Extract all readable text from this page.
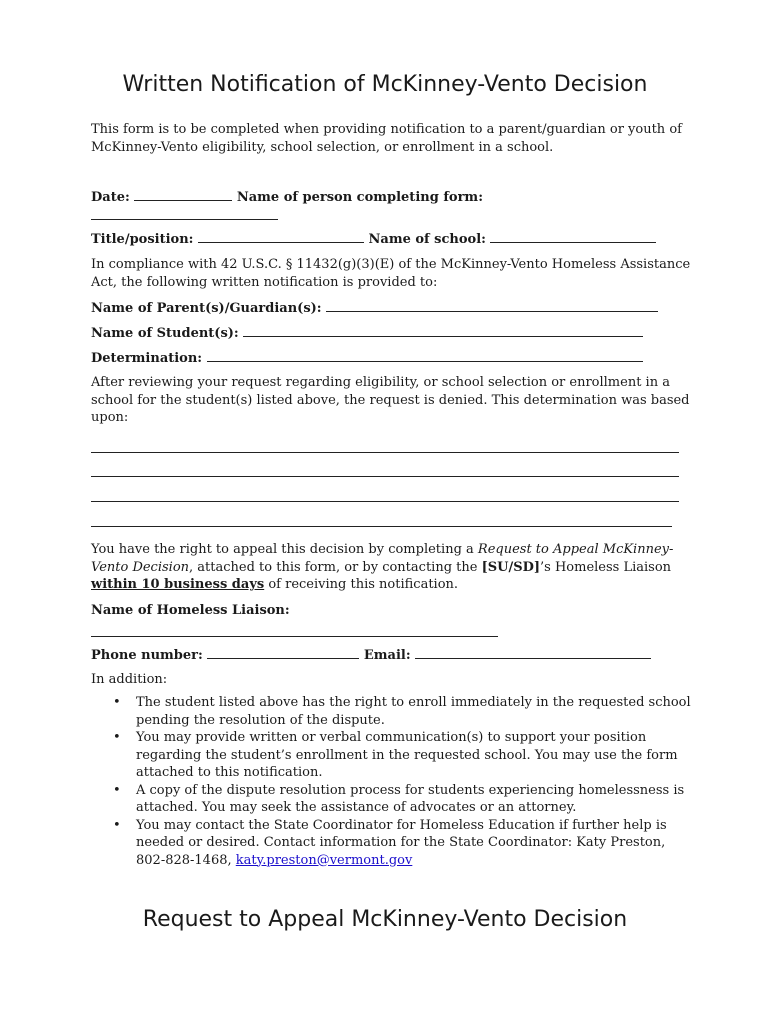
Written Notification of McKinney-Vento Decision

This form is to be completed when providing notification to a parent/guardian or youth of McKinney-Vento eligibility, school selection, or enrollment in a school.

Date:	Name of person completing form:
Title/position:	Name of school:

In compliance with 42 U.S.C. § 11432(g)(3)(E) of the McKinney-Vento Homeless Assistance Act, the following written notification is provided to:

Name of Parent(s)/Guardian(s):
Name of Student(s):
Determination:

After reviewing your request regarding eligibility, or school selection or enrollment in a school for the student(s) listed above, the request is denied. This determination was based upon:

You have the right to appeal this decision by completing a Request to Appeal McKinney-Vento Decision, attached to this form, or by contacting the [SU/SD]’s Homeless Liaison within 10 business days of receiving this notification.

Name of Homeless Liaison:
Phone number:	Email:

In addition:

• The student listed above has the right to enroll immediately in the requested school pending the resolution of the dispute.
• You may provide written or verbal communication(s) to support your position regarding the student’s enrollment in the requested school. You may use the form attached to this notification.
• A copy of the dispute resolution process for students experiencing homelessness is attached. You may seek the assistance of advocates or an attorney.
• You may contact the State Coordinator for Homeless Education if further help is needed or desired. Contact information for the State Coordinator: Katy Preston, 802-828-1468, katy.preston@vermont.gov
Request to Appeal McKinney-Vento Decision
